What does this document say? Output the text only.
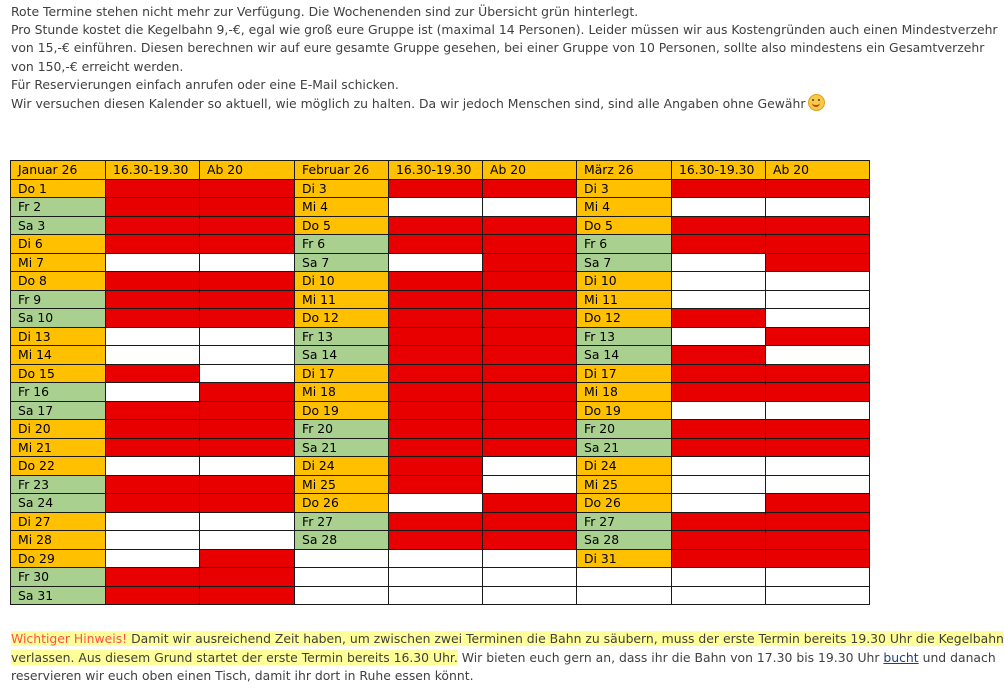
Rote Termine stehen nicht mehr zur Verfügung. Die Wochenenden sind zur Übersicht grün hinterlegt.

Pro Stunde kostet die Kegelbahn 9,-€, egal wie groß eure Gruppe ist (maximal 14 Personen). Leider müssen wir aus Kostengründen auch einen Mindestverzehr

von 15,-€ einführen. Diesen berechnen wir auf eure gesamte Gruppe gesehen, bei einer Gruppe von 10 Personen, sollte also mindestens ein Gesamtverzehr

von 150,-€ erreicht werden.

Für Reservierungen einfach anrufen oder eine E-Mail schicken.

Wir versuchen diesen Kalender so aktuell, wie möglich zu halten. Da wir jedoch Menschen sind, sind alle Angaben ohne Gewähr

Januar 26	16.30-19.30	Ab 20	Februar 26	16.30-19.30	Ab 20	März 26	16.30-19.30	Ab 20
Do 1			Di 3			Di 3		
Fr 2			Mi 4			Mi 4		
Sa 3			Do 5			Do 5		
Di 6			Fr 6			Fr 6		
Mi 7			Sa 7			Sa 7		
Do 8			Di 10			Di 10		
Fr 9			Mi 11			Mi 11		
Sa 10			Do 12			Do 12		
Di 13			Fr 13			Fr 13		
Mi 14			Sa 14			Sa 14		
Do 15			Di 17			Di 17		
Fr 16			Mi 18			Mi 18		
Sa 17			Do 19			Do 19		
Di 20			Fr 20			Fr 20		
Mi 21			Sa 21			Sa 21		
Do 22			Di 24			Di 24		
Fr 23			Mi 25			Mi 25		
Sa 24			Do 26			Do 26		
Di 27			Fr 27			Fr 27		
Mi 28			Sa 28			Sa 28		
Do 29						Di 31		
Fr 30								
Sa 31								

Wichtiger Hinweis! Damit wir ausreichend Zeit haben, um zwischen zwei Terminen die Bahn zu säubern, muss der erste Termin bereits 19.30 Uhr die Kegelbahn

verlassen. Aus diesem Grund startet der erste Termin bereits 16.30 Uhr. Wir bieten euch gern an, dass ihr die Bahn von 17.30 bis 19.30 Uhr bucht und danach

reservieren wir euch oben einen Tisch, damit ihr dort in Ruhe essen könnt.
